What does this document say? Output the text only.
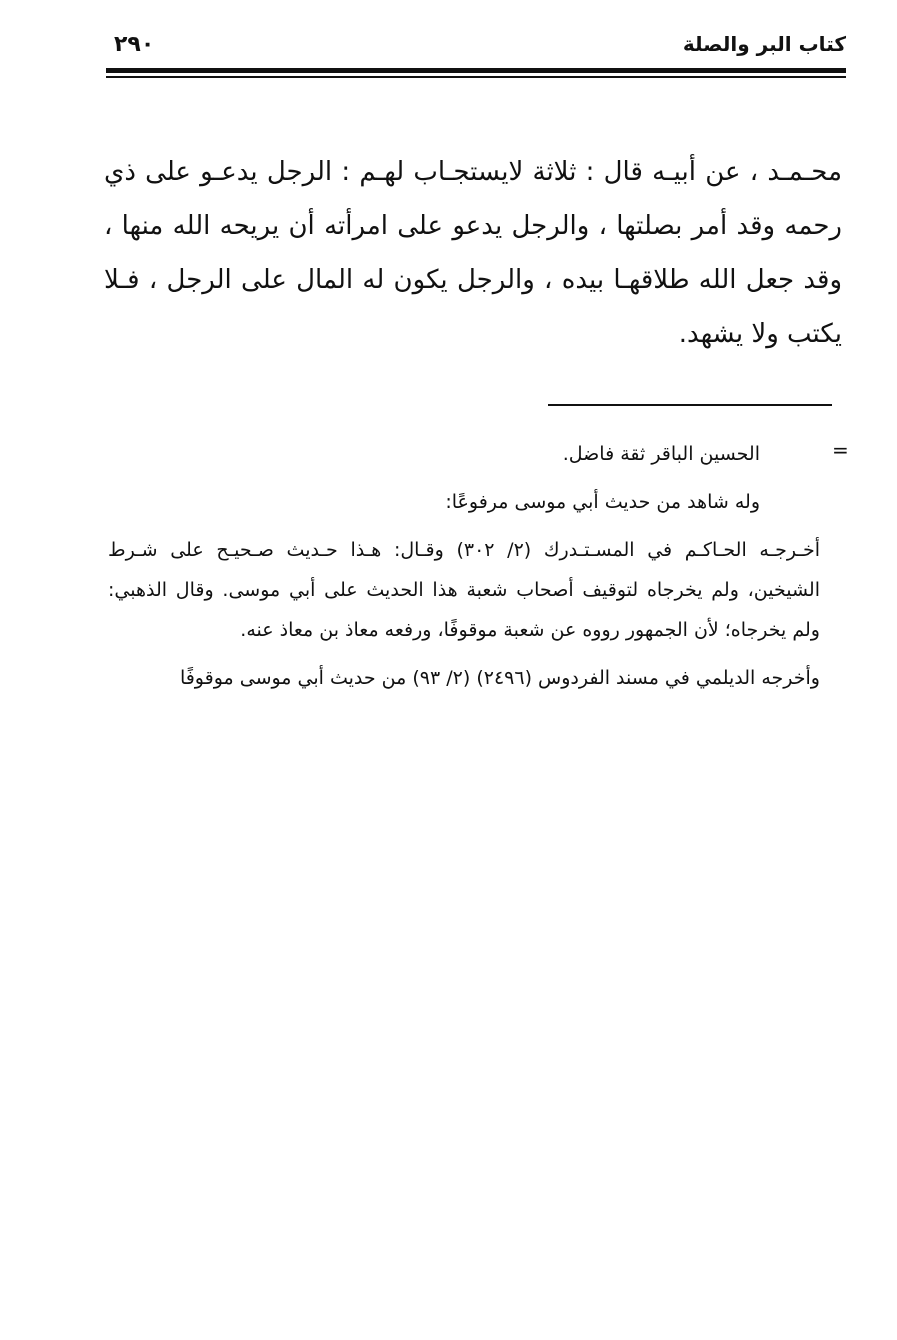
٢٩٠	كتاب البر والصلة

محـمـد ، عن أبيـه قال : ثلاثة لايستجـاب لهـم : الرجل يدعـو على ذي رحمه وقد أمر بصلتها ، والرجل يدعو على امرأته أن يريحه الله منها ، وقد جعل الله طلاقهـا بيده ، والرجل يكون له المال على الرجل ، فـلا يكتب ولا يشهد.

=

الحسين الباقر ثقة فاضل.

وله شاهد من حديث أبي موسى مرفوعًا:

أخـرجـه الحـاكـم في المسـتـدرك (٢/ ٣٠٢) وقـال: هـذا حـديث صـحيـح على شـرط الشيخين، ولم يخرجاه لتوقيف أصحاب شعبة هذا الحديث على أبي موسى. وقال الذهبي: ولم يخرجاه؛ لأن الجمهور رووه عن شعبة موقوفًا، ورفعه معاذ بن معاذ عنه.

وأخرجه الديلمي في مسند الفردوس (٢٤٩٦) (٢/ ٩٣) من حديث أبي موسى موقوفًا
